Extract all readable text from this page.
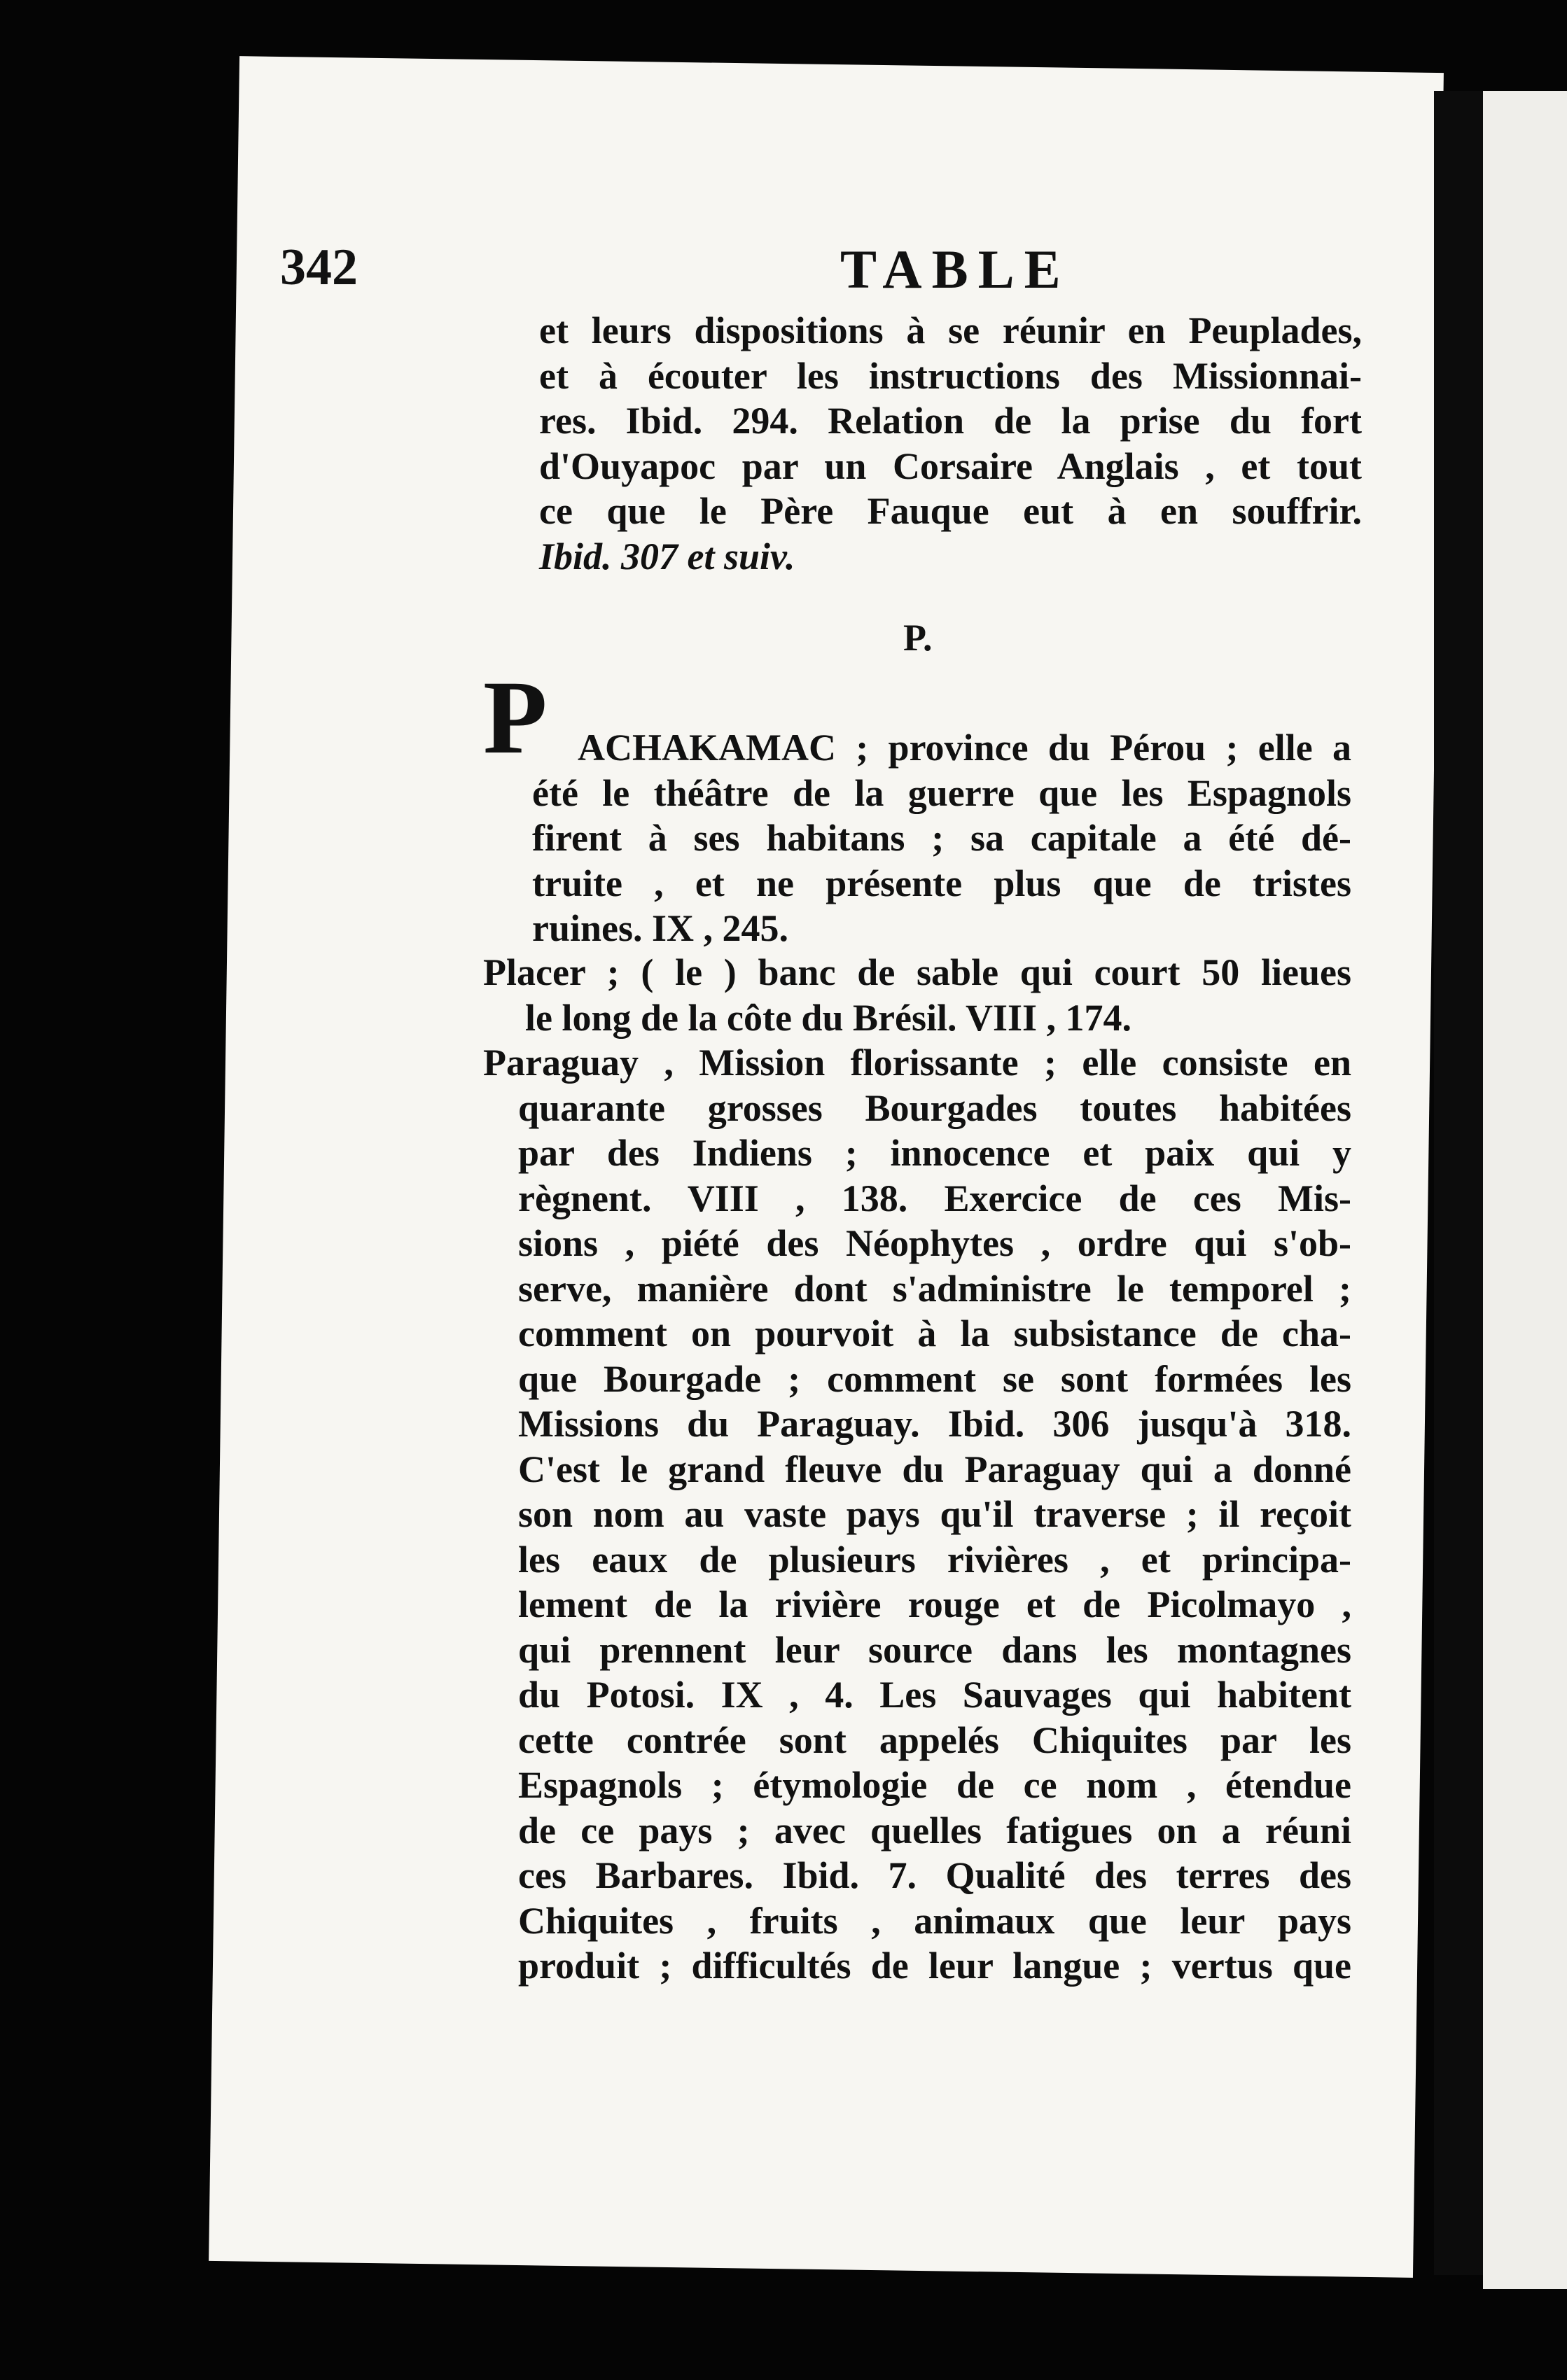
342	TABLE
et leurs dispositions à se réunir en Peuplades,
et à écouter les instructions des Missionnai-
res. Ibid. 294. Relation de la prise du fort
d'Ouyapoc par un Corsaire Anglais , et tout
ce que le Père Fauque eut à en souffrir.
Ibid. 307 et suiv.
P.
P ACHAKAMAC ; province du Pérou ; elle a
été le théâtre de la guerre que les Espagnols
firent à ses habitans ; sa capitale a été dé-
truite , et ne présente plus que de tristes
ruines. IX , 245.
Placer ; ( le ) banc de sable qui court 50 lieues
le long de la côte du Brésil. VIII , 174.
Paraguay , Mission florissante ; elle consiste en
quarante grosses Bourgades toutes habitées
par des Indiens ; innocence et paix qui y
règnent. VIII , 138. Exercice de ces Mis-
sions , piété des Néophytes , ordre qui s'ob-
serve, manière dont s'administre le temporel ;
comment on pourvoit à la subsistance de cha-
que Bourgade ; comment se sont formées les
Missions du Paraguay. Ibid. 306 jusqu'à 318.
C'est le grand fleuve du Paraguay qui a donné
son nom au vaste pays qu'il traverse ; il reçoit
les eaux de plusieurs rivières , et principa-
lement de la rivière rouge et de Picolmayo ,
qui prennent leur source dans les montagnes
du Potosi. IX , 4. Les Sauvages qui habitent
cette contrée sont appelés Chiquites par les
Espagnols ; étymologie de ce nom , étendue
de ce pays ; avec quelles fatigues on a réuni
ces Barbares. Ibid. 7. Qualité des terres des
Chiquites , fruits , animaux que leur pays
produit ; difficultés de leur langue ; vertus que
